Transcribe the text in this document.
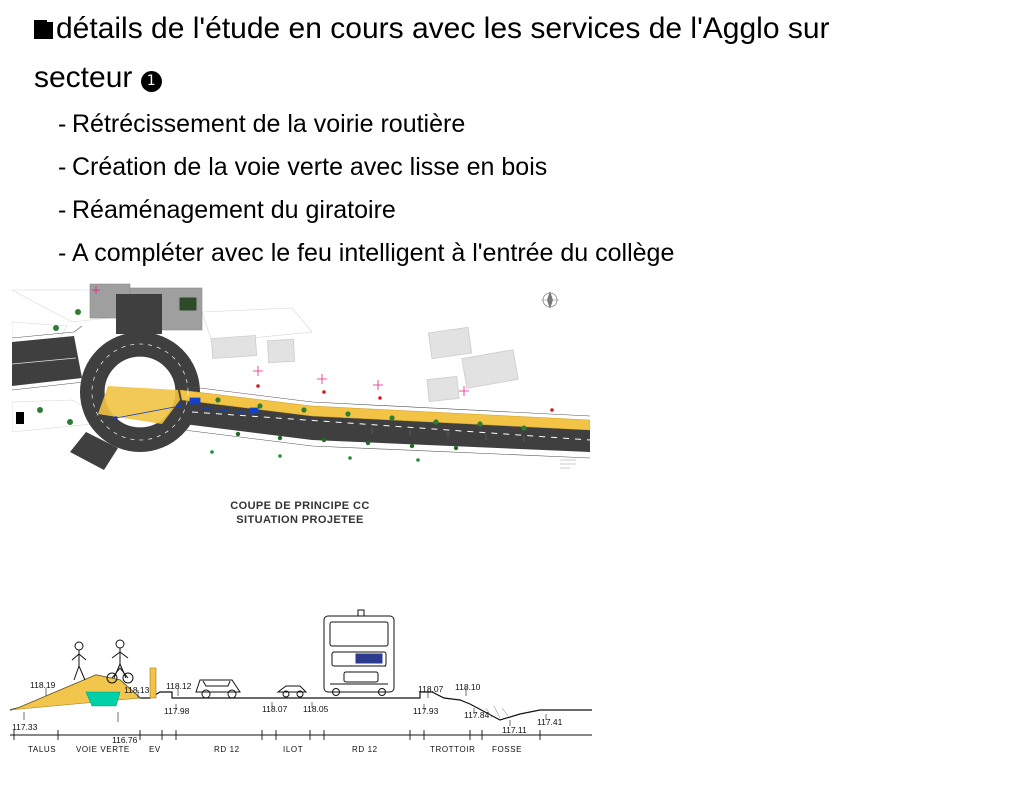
détails de l'étude en cours avec les services de l'Agglo sur
secteur 1
- Rétrécissement de la voirie routière
- Création de la voie verte avec lisse en bois
- Réaménagement du giratoire
- A compléter avec le feu intelligent à l'entrée du collège
COUPE DE PRINCIPE CC
SITUATION PROJETEE
118.19
117.33
116.76
118.13 118.12
117.98	118.07 118.05
118.07
117.93
118.10
117.84
117.11
117.41
TALUS VOIE VERTE EV	RD 12	ILOT	RD 12	TROTTOIR FOSSE
